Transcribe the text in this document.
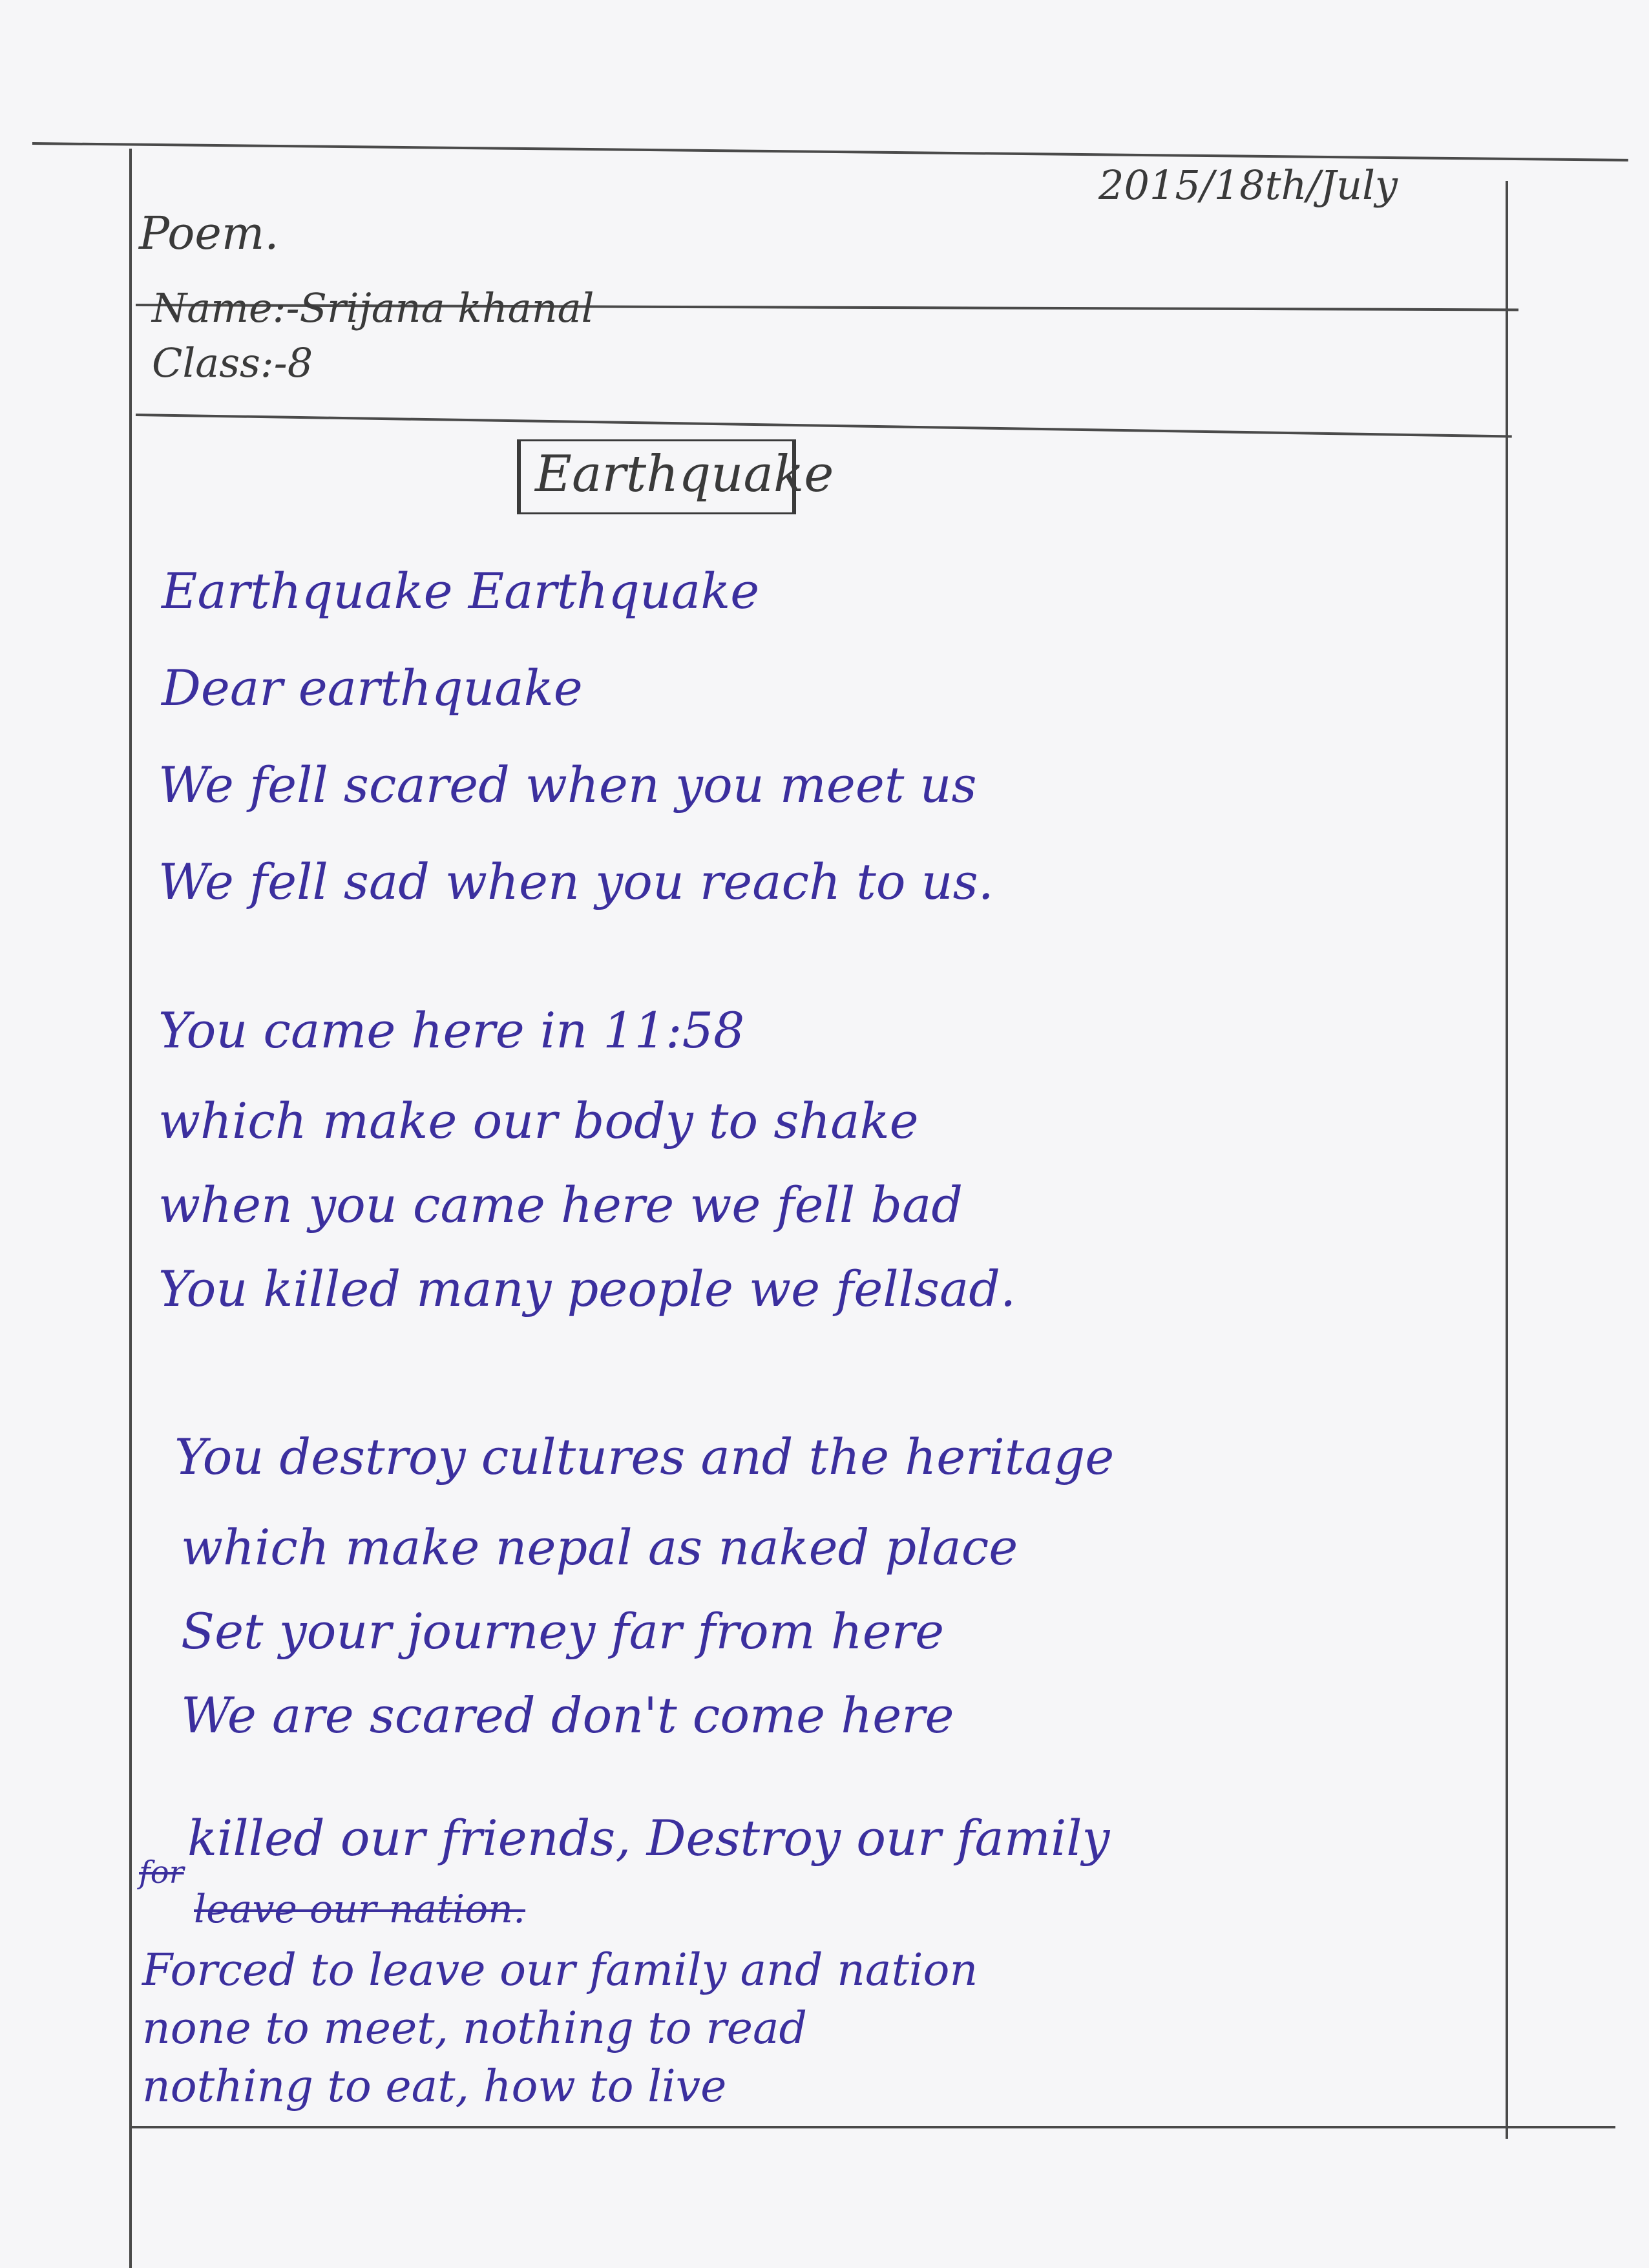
2015/18th/July
Poem.
Name:-Srijana khanal
Class:-8
Earthquake
Earthquake Earthquake
Dear earthquake
We fell scared when you meet us
We fell sad when you reach to us.
You came here in 11:58
which make our body to shake
when you came here we fell bad
You killed many people we fellsad.
You destroy cultures and the heritage
which make nepal as naked place
Set your journey far from here
We are scared don't come here
killed our friends, Destroy our family
for
leave our nation.
Forced to leave our family and nation
none to meet, nothing to read
nothing to eat, how to live
